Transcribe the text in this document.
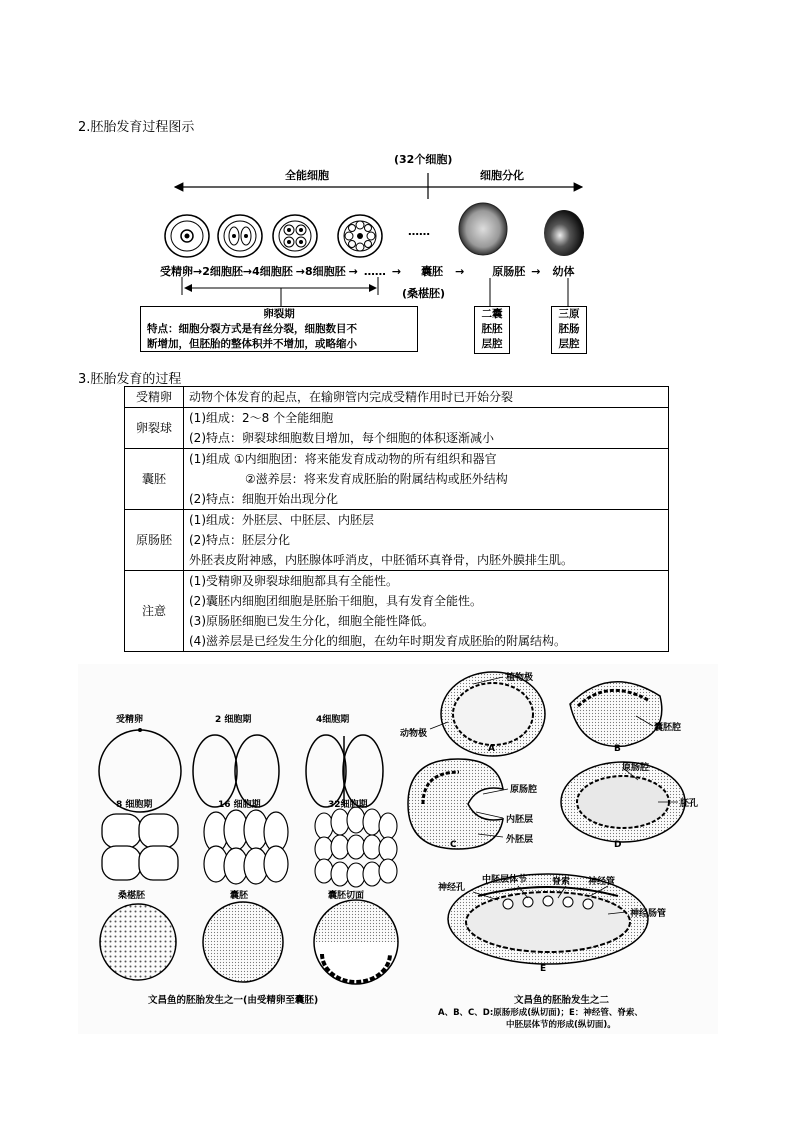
2.胚胎发育过程图示
(32个细胞)
全能细胞	细胞分化
……
受精卵→2细胞胚→4细胞胚 →8细胞胚 → …… → 囊胚 →	原肠胚 → 幼体
(桑椹胚)
卵裂期
特点：细胞分裂方式是有丝分裂，细胞数目不
断增加，但胚胎的整体积并不增加，或略缩小
二囊
胚胚
层腔
三原
胚肠
层腔
3.胚胎发育的过程
受精卵	动物个体发育的起点，在输卵管内完成受精作用时已开始分裂
卵裂球	(1)组成：2～8 个全能细胞
(2)特点：卵裂球细胞数目增加，每个细胞的体积逐渐减小

囊胚	(1)组成 ①内细胞团：将来能发育成动物的所有组织和器官
②滋养层：将来发育成胚胎的附属结构或胚外结构
(2)特点：细胞开始出现分化

原肠胚	(1)组成：外胚层、中胚层、内胚层
(2)特点：胚层分化
外胚表皮附神感，内胚腺体呼消皮，中胚循环真脊骨，内胚外膜排生肌。

注意	(1)受精卵及卵裂球细胞都具有全能性。
(2)囊胚内细胞团细胞是胚胎干细胞，具有发育全能性。
(3)原肠胚细胞已发生分化，细胞全能性降低。
(4)滋养层是已经发生分化的细胞，在幼年时期发育成胚胎的附属结构。
受精卵	2 细胞期	4细胞期
8 细胞期	16 细胞期	32细胞期
桑椹胚	囊胚	囊胚切面
文昌鱼的胚胎发生之一(由受精卵至囊胚)
植物极
动物极
A
囊胚腔
B
原肠腔
胚孔
原肠腔
内胚层
外胚层
C	D
神经孔
中胚层体节	脊索 神经管
神经肠管
E
文昌鱼的胚胎发生之二
A、B、C、D:原肠形成(纵切面)；E：神经管、脊索、
中胚层体节的形成(纵切面)。
